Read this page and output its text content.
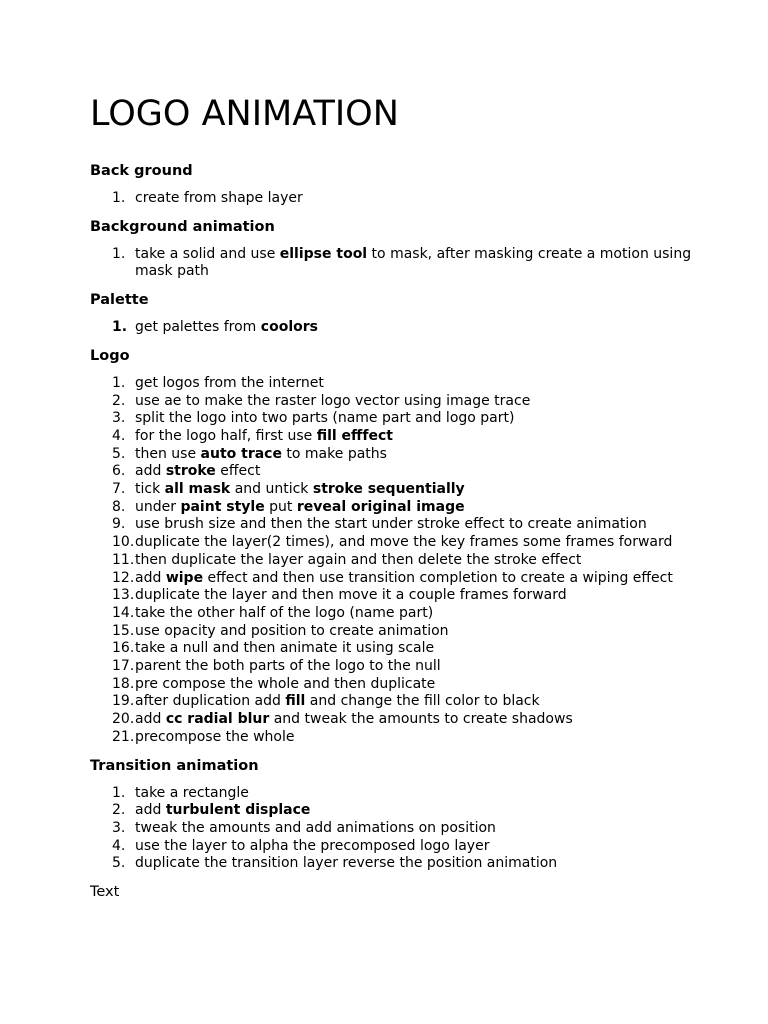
LOGO ANIMATION
Back ground
1. create from shape layer
Background animation
1. take a solid and use ellipse tool to mask, after masking create a motion using  mask path
Palette
1. get palettes from coolors
Logo
1. get logos from the internet
2. use ae to make the raster logo vector using image trace
3. split the logo into two parts (name part and logo part)
4. for the logo half, first use fill efffect
5. then use auto trace to make paths
6. add stroke effect
7. tick all mask and untick stroke sequentially
8. under paint style put reveal original image
9. use brush size and then the start under stroke effect to create animation
10. duplicate the layer(2 times), and move the key frames some frames forward
11. then duplicate the layer again and then delete the stroke effect
12. add wipe effect and then use transition completion to create a wiping effect
13. duplicate the layer and then move it a couple frames forward
14. take the other half of the logo (name part)
15. use opacity and position to create animation
16. take a null and then animate it using scale
17. parent the both parts of the logo to the null
18. pre compose the whole and then duplicate
19. after duplication add fill and change the fill color to black
20. add cc radial blur and tweak the amounts to create shadows
21. precompose the whole
Transition animation
1. take a rectangle
2. add turbulent displace
3. tweak the amounts and add animations on position
4. use the layer to alpha the precomposed logo layer
5. duplicate the transition layer reverse the position animation
Text
